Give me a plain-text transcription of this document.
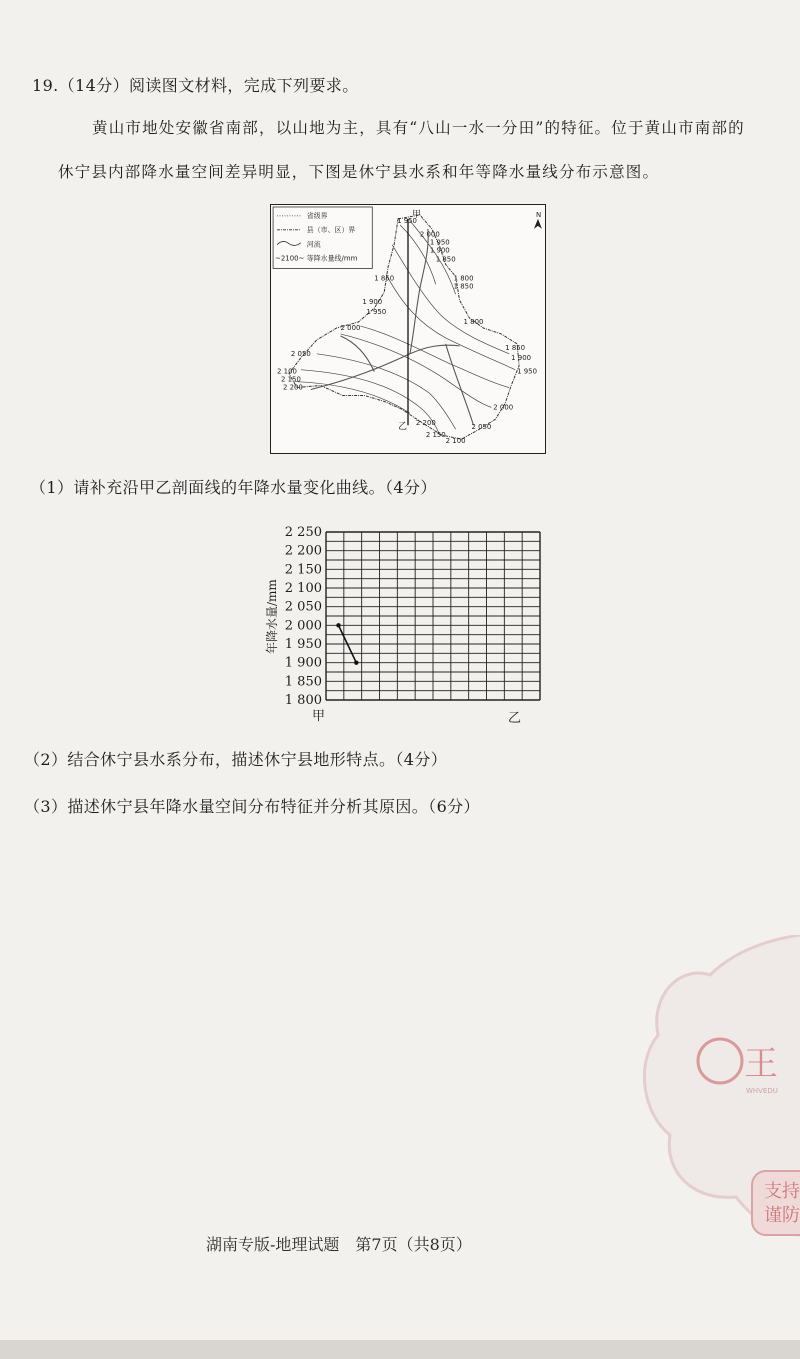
19.（14分）阅读图文材料，完成下列要求。
黄山市地处安徽省南部，以山地为主，具有“八山一水一分田”的特征。位于黄山市南部的
休宁县内部降水量空间差异明显，下图是休宁县水系和年等降水量线分布示意图。
省级界
县（市、区）界
河流
~2100~ 等降水量线/mm
N
甲
乙
1 950
2 000
1 950
1 900
1 850
1 850	1 800
1 850
1 900
1 950
1 800
1 850
1 900
1 950
2 000
2 050
2 100
2 150
2 200
2 000
2 200
2 150
2 100
2 050
（1）请补充沿甲乙剖面线的年降水量变化曲线。（4分）
1 800
1 850
1 900
1 950
2 000
2 050
2 100
2 150
2 200
2 250
年降水量/mm
甲	乙
（2）结合休宁县水系分布，描述休宁县地形特点。（4分）
（3）描述休宁县年降水量空间分布特征并分析其原因。（6分）
王
WHVEDU
支持
谨防
湖南专版-地理试题　第7页（共8页）
